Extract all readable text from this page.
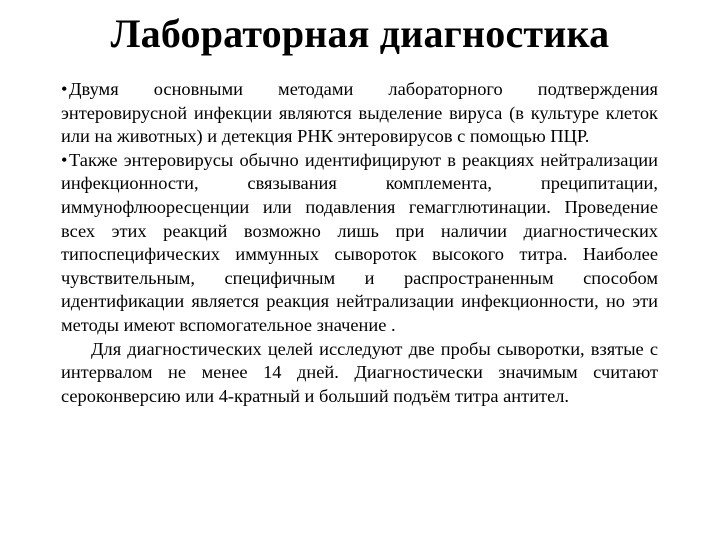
Лабораторная диагностика

•Двумя основными методами лабораторного подтверждения энтеровирусной инфекции являются выделение вируса (в культуре клеток или на животных) и детекция РНК энтеровирусов с помощью ПЦР.

•Также энтеровирусы обычно идентифицируют в реакциях нейтрализации инфекционности, связывания комплемента, преципитации, иммунофлюоресценции или подавления гемагглютинации. Проведение всех этих реакций возможно лишь при наличии диагностических типоспецифических иммунных сывороток высокого титра. Наиболее чувствительным, специфичным и распространенным способом идентификации является реакция нейтрализации инфекционности, но эти методы имеют вспомогательное значение .

Для диагностических целей исследуют две пробы сыворотки, взятые с интервалом не менее 14 дней. Диагностически значимым считают сероконверсию или 4-кратный и больший подъём титра антител.
